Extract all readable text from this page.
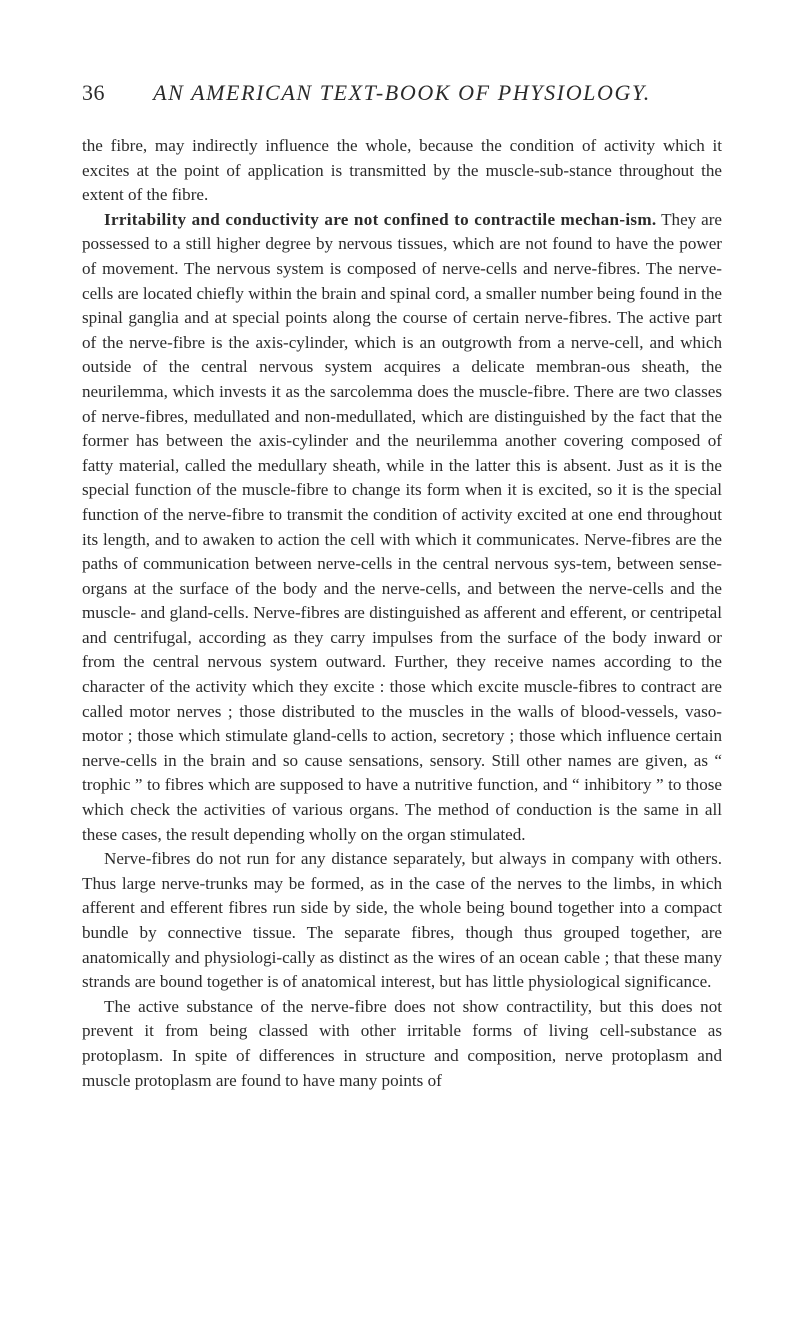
36	AN AMERICAN TEXT-BOOK OF PHYSIOLOGY.

the fibre, may indirectly influence the whole, because the condition of activity which it excites at the point of application is transmitted by the muscle-sub-stance throughout the extent of the fibre.

Irritability and conductivity are not confined to contractile mechan-ism. They are possessed to a still higher degree by nervous tissues, which are not found to have the power of movement. The nervous system is composed of nerve-cells and nerve-fibres. The nerve-cells are located chiefly within the brain and spinal cord, a smaller number being found in the spinal ganglia and at special points along the course of certain nerve-fibres. The active part of the nerve-fibre is the axis-cylinder, which is an outgrowth from a nerve-cell, and which outside of the central nervous system acquires a delicate membran-ous sheath, the neurilemma, which invests it as the sarcolemma does the muscle-fibre. There are two classes of nerve-fibres, medullated and non-medullated, which are distinguished by the fact that the former has between the axis-cylinder and the neurilemma another covering composed of fatty material, called the medullary sheath, while in the latter this is absent. Just as it is the special function of the muscle-fibre to change its form when it is excited, so it is the special function of the nerve-fibre to transmit the condition of activity excited at one end throughout its length, and to awaken to action the cell with which it communicates. Nerve-fibres are the paths of communication between nerve-cells in the central nervous sys-tem, between sense-organs at the surface of the body and the nerve-cells, and between the nerve-cells and the muscle- and gland-cells. Nerve-fibres are distinguished as afferent and efferent, or centripetal and centrifugal, according as they carry impulses from the surface of the body inward or from the central nervous system outward. Further, they receive names according to the character of the activity which they excite : those which excite muscle-fibres to contract are called motor nerves ; those distributed to the muscles in the walls of blood-vessels, vaso-motor ; those which stimulate gland-cells to action, secretory ; those which influence certain nerve-cells in the brain and so cause sensations, sensory. Still other names are given, as “ trophic ” to fibres which are supposed to have a nutritive function, and “ inhibitory ” to those which check the activities of various organs. The method of conduction is the same in all these cases, the result depending wholly on the organ stimulated.

Nerve-fibres do not run for any distance separately, but always in company with others. Thus large nerve-trunks may be formed, as in the case of the nerves to the limbs, in which afferent and efferent fibres run side by side, the whole being bound together into a compact bundle by connective tissue. The separate fibres, though thus grouped together, are anatomically and physiologi-cally as distinct as the wires of an ocean cable ; that these many strands are bound together is of anatomical interest, but has little physiological significance.

The active substance of the nerve-fibre does not show contractility, but this does not prevent it from being classed with other irritable forms of living cell-substance as protoplasm. In spite of differences in structure and composition, nerve protoplasm and muscle protoplasm are found to have many points of
